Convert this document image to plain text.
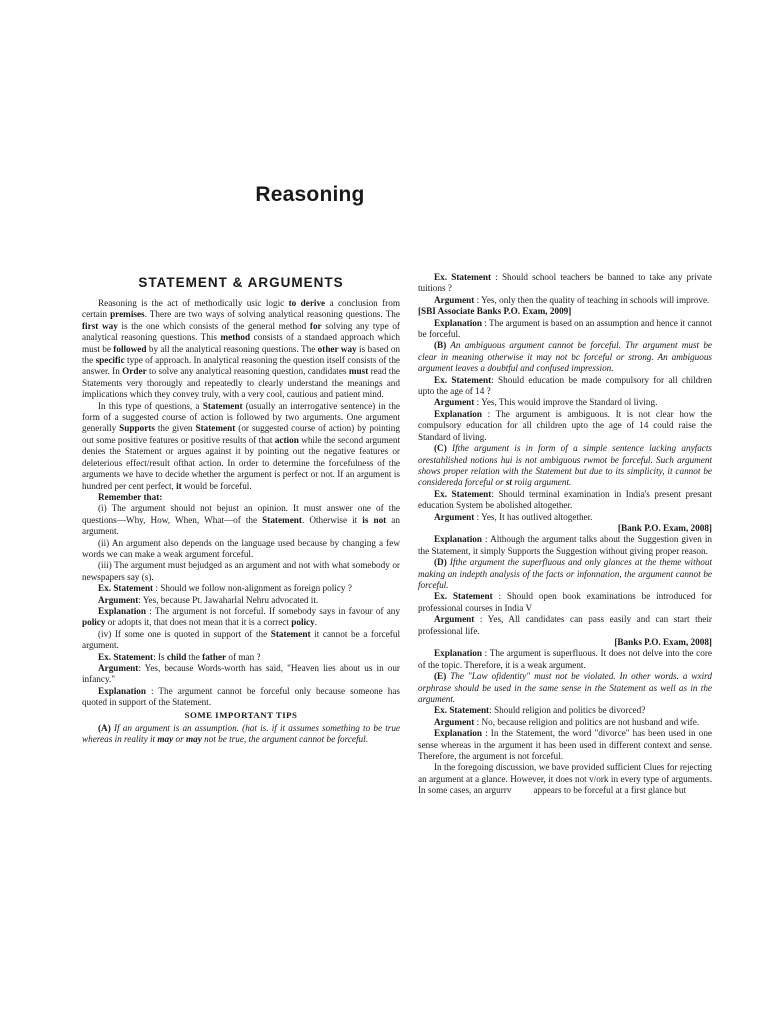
Reasoning
STATEMENT & ARGUMENTS

Reasoning is the act of methodically usic logic to derive a conclusion from certain premises. There are two ways of solving analytical reasoning questions. The first way is the one which consists of the general method for solving any type of analytical reasoning questions. This method consists of a standaed approach which must be followed by all the analytical reasoning questions. The other way is based on the specific type of approach. In analytical reasoning the question itself consists of the answer. In Order to solve any analytical reasoning question, candidates must read the Statements very thorougly and repeatedly to clearly understand the meanings and implications which they convey truly, with a very cool, cautious and patient mind.

In this type of questions, a Statement (usually an interrogative sentence) in the form of a suggested course of action is followed by two arguments. One argument generally Supports the given Statement (or suggested course of action) by pointing out some positive features or positive results of that action while the second argument denies the Statement or argues against it by pointing out the negative features or deleterious effect/result ofthat action. In order to determine the forcefulness of the arguments we have to decide whether the argument is perfect or not. If an argument is hundred per cent perfect, it would be forceful.

Remember that:

(i) The argument should not bejust an opinion. It must answer one of the questions—Why, How, When, What—of the Statement. Otherwise it is not an argument.

(ii) An argument also depends on the language used because by changing a few words we can make a weak argument forceful.

(iii) The argument must bejudged as an argument and not with what somebody or newspapers say (s).

Ex. Statement : Should we follow non-alignment as foreign policy ?

Argument: Yes, because Pt. Jawaharlal Nehru advocated it.

Explanation : The argument is not forceful. If somebody says in favour of any policy or adopts it, that does not mean that it is a correct policy.

(iv) If some one is quoted in support of the Statement it cannot be a forceful argument.

Ex. Statement: Is child the father of man ?

Argument: Yes, because Words-worth has said, "Heaven lies about us in our infancy."

Explanation : The argument cannot be forceful only because someone has quoted in support of the Statement.

SOME IMPORTANT TIPS

(A) If an argument is an assumption. (hat is. if it assumes something to be true whereas in reality it may or may not be true, the argument cannot be forceful.

Ex. Statement : Should school teachers be banned to take any private tuitions ?

Argument : Yes, only then the quality of teaching in schools will improve.

[SBI Associate Banks P.O. Exam, 2009]

Explanation : The argument is based on an assumption and hence it cannot be forceful.

(B) An ambiguous argument cannot be forceful. Thr argument must be clear in meaning otherwise it may not bc forceful or strong. An ambiguous argument leaves a doubtful and confused impression.

Ex. Statement: Should education be made compulsory for all children upto the age of 14 ?

Argument : Yes, This would improve the Standard ol living.

Explanation : The argument is ambiguous. It is not clear how the compulsory education for all children upto the age of 14 could raise the Standard of living.

(C) Ifthe argument is in form of a simple sentence lacking anyfacts orestahlished notions hui is not ambiguous rwmot be forceful. Such argument shows proper relation with the Statement but due to its simplicity, it cannot be considereda forceful or st roiig argument.

Ex. Statement: Should terminal examination in India's present presant education System be abolished altogether.

Argument : Yes, It has outlived altogether.

[Bank P.O. Exam, 2008]

Explanation : Although the argument talks about the Suggestion given in the Statement, it simply Supports the Suggestion without giving proper reason.

(D) Ifthe argument the superfluous and only glances at the theme without making an indepth analysis of the facts or infonnation, the argument cannot be forceful.

Ex. Statement : Should open book examinations be introduced for professional courses in India V

Argument : Yes, All candidates can pass easily and can start their professional life.

[Banks P.O. Exam, 2008]

Explanation : The argument is superfluous. It does not delve into the core of the topic. Therefore, it is a weak argument.

(E) The "Law ofidentity" must not be violated. In other words. a wxird orphrase should be used in the same sense in the Statement as well as in the argument.

Ex. Statement: Should religion and politics be divorced?

Argument : No, because religion and politics are not husband and wife.

Explanation : In the Statement, the word "divorce" has been used in one sense whereas in the argument it has been used in different context and sense. Therefore, the argument is not forceful.

In the foregoing discussion, we bave provided sufficient Clues for rejecting an argument at a glance. However, it does not v/ork in every type of arguments. In some cases, an argurrv appears to be forceful at a first glance but
